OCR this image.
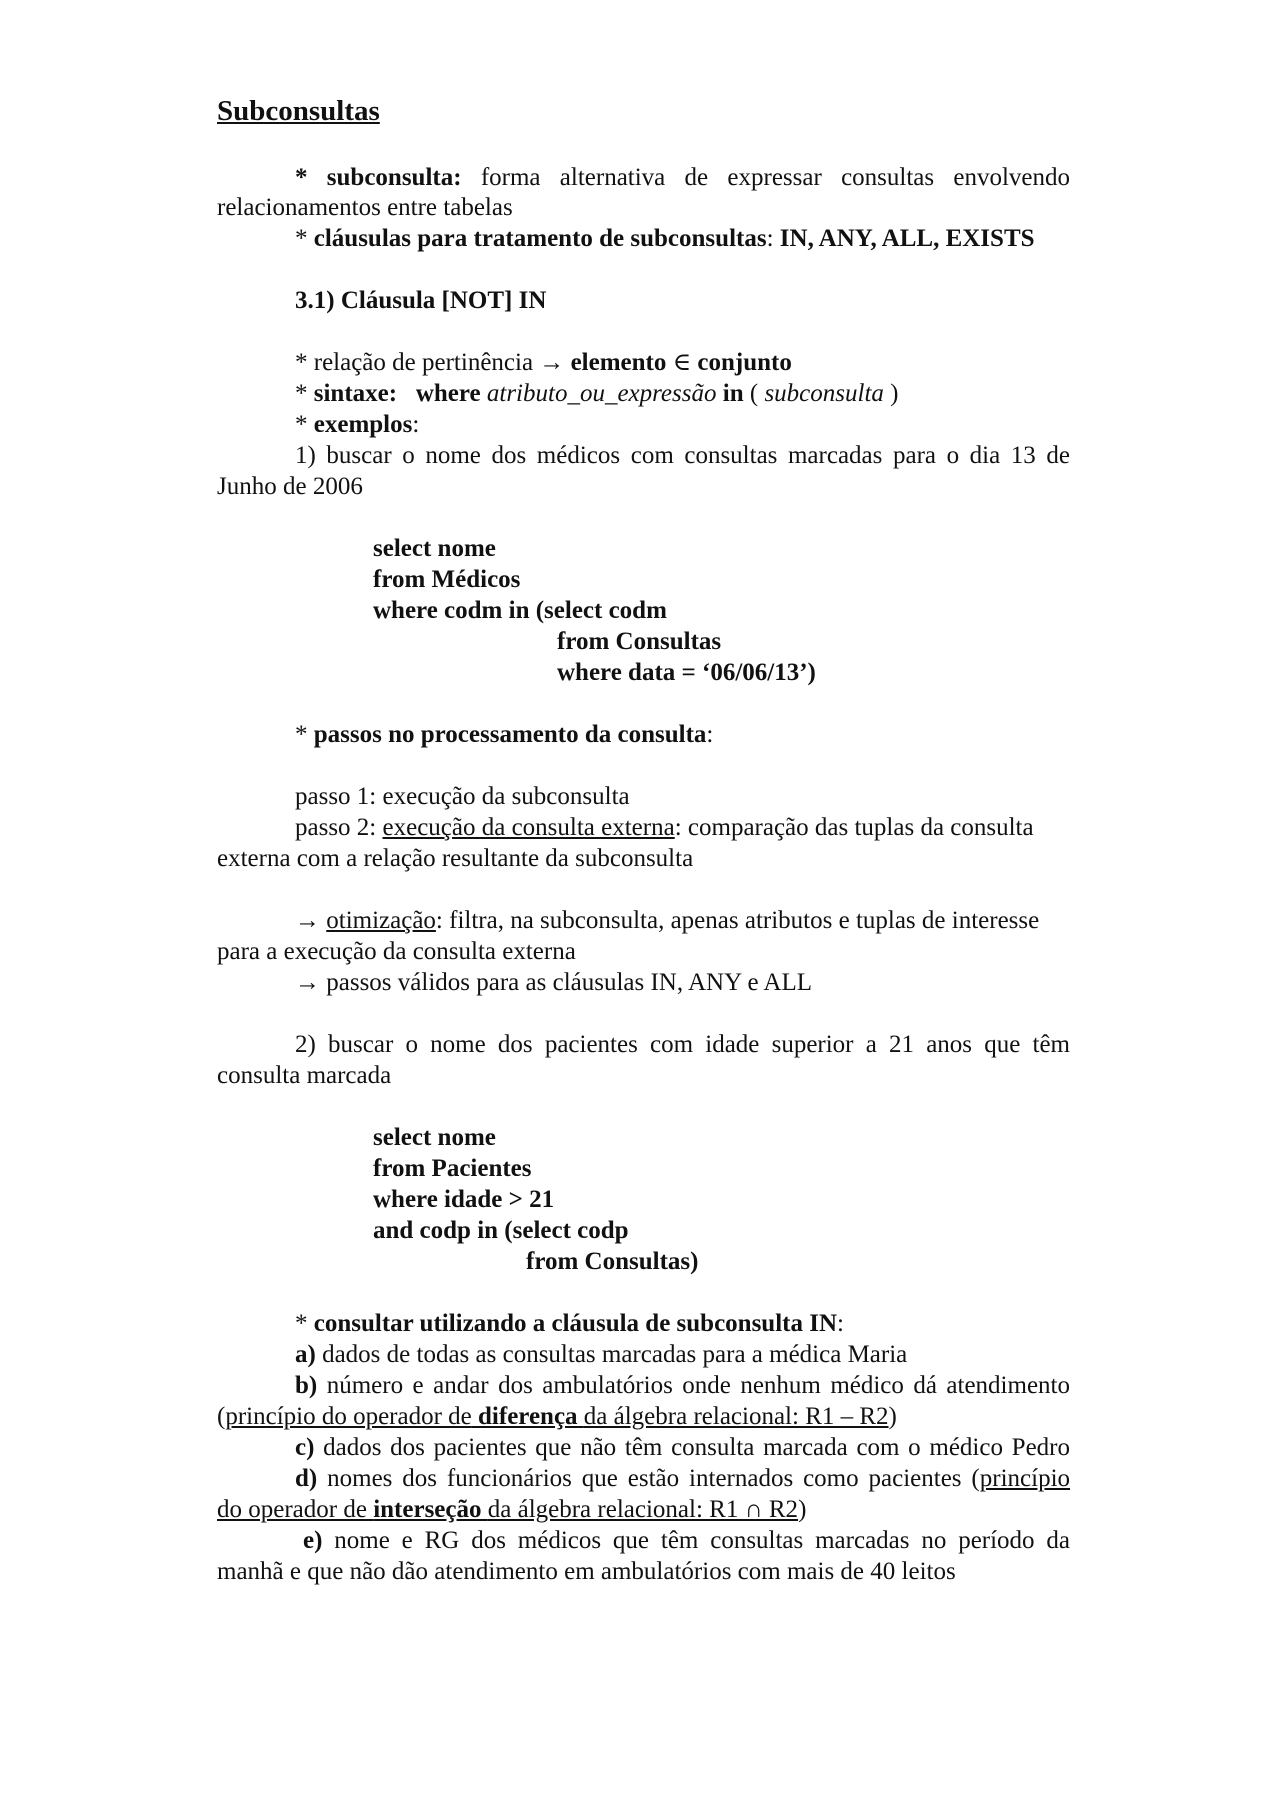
Subconsultas
* subconsulta: forma alternativa de expressar consultas envolvendo
relacionamentos entre tabelas
* cláusulas para tratamento de subconsultas: IN, ANY, ALL, EXISTS
3.1) Cláusula [NOT] IN
* relação de pertinência → elemento ∈ conjunto
* sintaxe: where atributo_ou_expressão in ( subconsulta )
* exemplos:
1) buscar o nome dos médicos com consultas marcadas para o dia 13 de
Junho de 2006
select nome
from Médicos
where codm in (select codm
from Consultas
where data = ‘06/06/13’)
* passos no processamento da consulta:
passo 1: execução da subconsulta
passo 2: execução da consulta externa: comparação das tuplas da consulta
externa com a relação resultante da subconsulta
→ otimização: filtra, na subconsulta, apenas atributos e tuplas de interesse
para a execução da consulta externa
→ passos válidos para as cláusulas IN, ANY e ALL
2) buscar o nome dos pacientes com idade superior a 21 anos que têm
consulta marcada
select nome
from Pacientes
where idade > 21
and codp in (select codp
from Consultas)
* consultar utilizando a cláusula de subconsulta IN:
a) dados de todas as consultas marcadas para a médica Maria
b) número e andar dos ambulatórios onde nenhum médico dá atendimento
(princípio do operador de diferença da álgebra relacional: R1 – R2)
c) dados dos pacientes que não têm consulta marcada com o médico Pedro
d) nomes dos funcionários que estão internados como pacientes (princípio
do operador de interseção da álgebra relacional: R1 ∩ R2)
e) nome e RG dos médicos que têm consultas marcadas no período da
manhã e que não dão atendimento em ambulatórios com mais de 40 leitos
